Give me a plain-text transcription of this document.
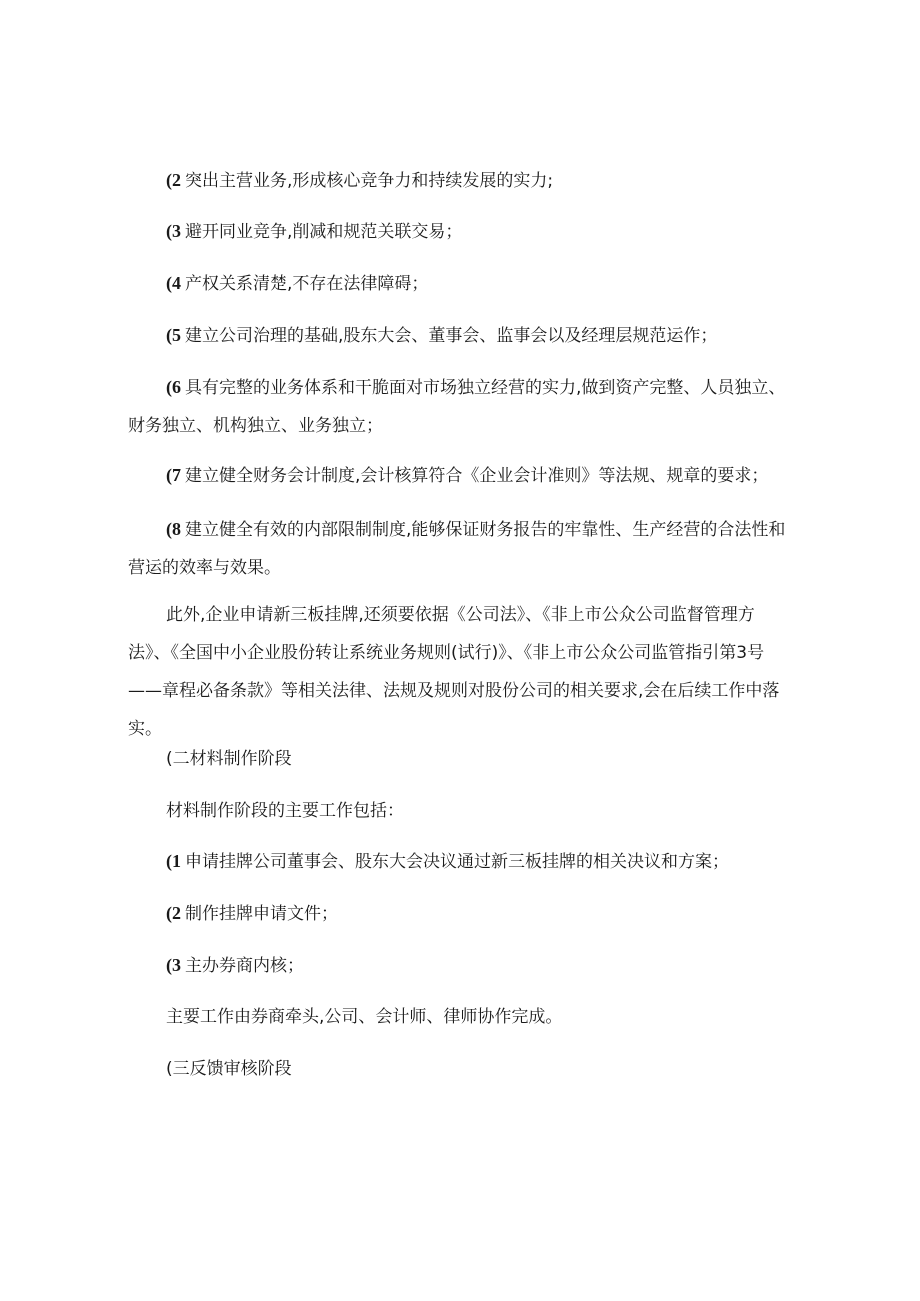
(2 突出主营业务,形成核心竞争力和持续发展的实力;

(3 避开同业竞争,削减和规范关联交易；

(4 产权关系清楚,不存在法律障碍；

(5 建立公司治理的基础,股东大会、董事会、监事会以及经理层规范运作；

(6 具有完整的业务体系和干脆面对市场独立经营的实力,做到资产完整、人员独立、财务独立、机构独立、业务独立；

(7 建立健全财务会计制度,会计核算符合《企业会计准则》等法规、规章的要求；

(8 建立健全有效的内部限制制度,能够保证财务报告的牢靠性、生产经营的合法性和营运的效率与效果。

此外,企业申请新三板挂牌,还须要依据《公司法》、《非上市公众公司监督管理方法》、《全国中小企业股份转让系统业务规则(试行)》、《非上市公众公司监管指引第3号——章程必备条款》等相关法律、法规及规则对股份公司的相关要求,会在后续工作中落实。

(二材料制作阶段

材料制作阶段的主要工作包括：

(1 申请挂牌公司董事会、股东大会决议通过新三板挂牌的相关决议和方案；

(2 制作挂牌申请文件；

(3 主办券商内核；

主要工作由券商牵头,公司、会计师、律师协作完成。

(三反馈审核阶段
